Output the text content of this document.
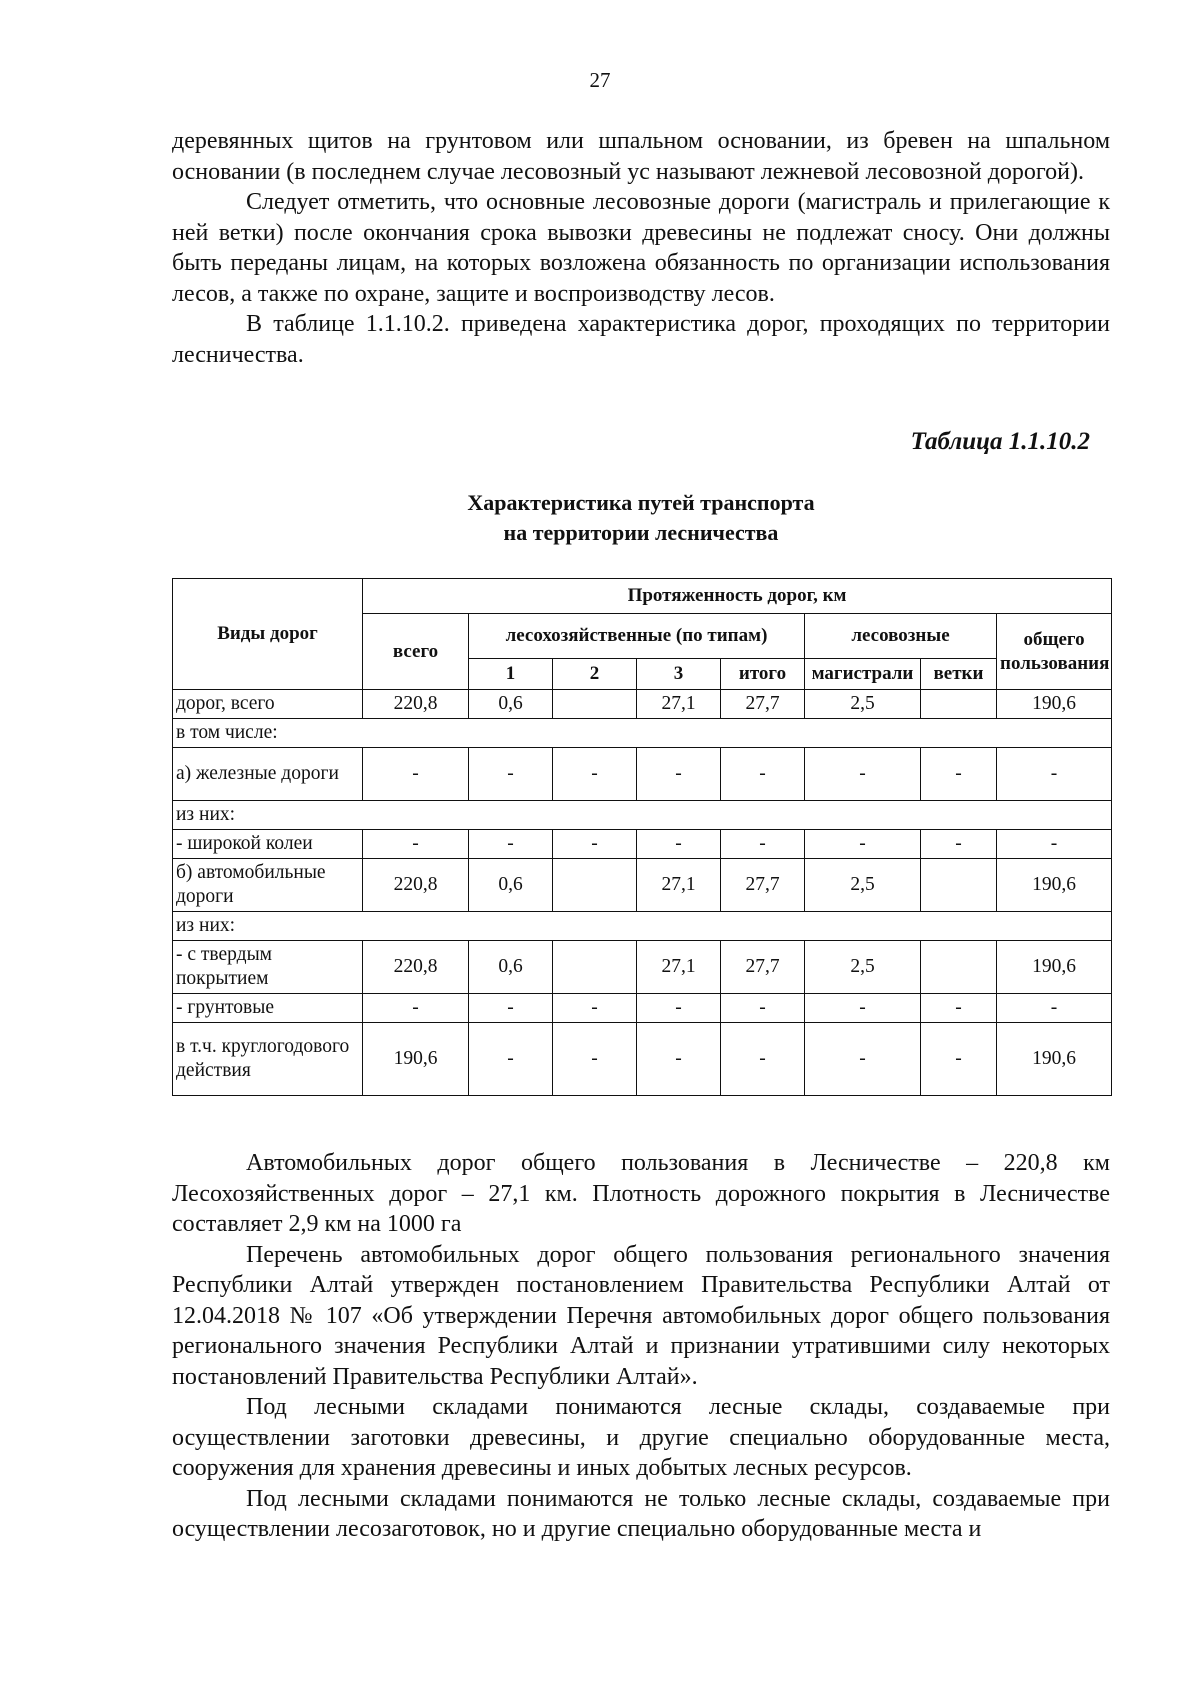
27

деревянных щитов на грунтовом или шпальном основании, из бревен на шпальном основании (в последнем случае лесовозный ус называют лежневой лесовозной дорогой).

Следует отметить, что основные лесовозные дороги (магистраль и прилегающие к ней ветки) после окончания срока вывозки древесины не подлежат сносу. Они должны быть переданы лицам, на которых возложена обязанность по организации использования лесов, а также по охране, защите и воспроизводству лесов.

В таблице 1.1.10.2. приведена характеристика дорог, проходящих по территории лесничества.

Таблица 1.1.10.2
Характеристика путей транспорта
на территории лесничества
Виды дорог	Протяженность дорог, км							
	всего	лесохозяйственные (по типам)				лесовозные		общего пользования
		1	2	3	итого	магистрали	ветки	
дорог, всего	220,8	0,6		27,1	27,7	2,5		190,6
в том числе:								
а) железные дороги	-	-	-	-	-	-	-	-
из них:								
- широкой колеи	-	-	-	-	-	-	-	-
б) автомобильные дороги	220,8	0,6		27,1	27,7	2,5		190,6
из них:								
- с твердым покрытием	220,8	0,6		27,1	27,7	2,5		190,6
- грунтовые	-	-	-	-	-	-	-	-
в т.ч. круглогодового действия	190,6	-	-	-	-	-	-	190,6

Автомобильных дорог общего пользования в Лесничестве – 220,8 км Лесохозяйственных дорог – 27,1 км. Плотность дорожного покрытия в Лесничестве составляет 2,9 км на 1000 га

Перечень автомобильных дорог общего пользования регионального значения Республики Алтай утвержден постановлением Правительства Республики Алтай от 12.04.2018 № 107 «Об утверждении Перечня автомобильных дорог общего пользования регионального значения Республики Алтай и признании утратившими силу некоторых постановлений Правительства Республики Алтай».

Под лесными складами понимаются лесные склады, создаваемые при осуществлении заготовки древесины, и другие специально оборудованные места, сооружения для хранения древесины и иных добытых лесных ресурсов.

Под лесными складами понимаются не только лесные склады, создаваемые при осуществлении лесозаготовок, но и другие специально оборудованные места и
